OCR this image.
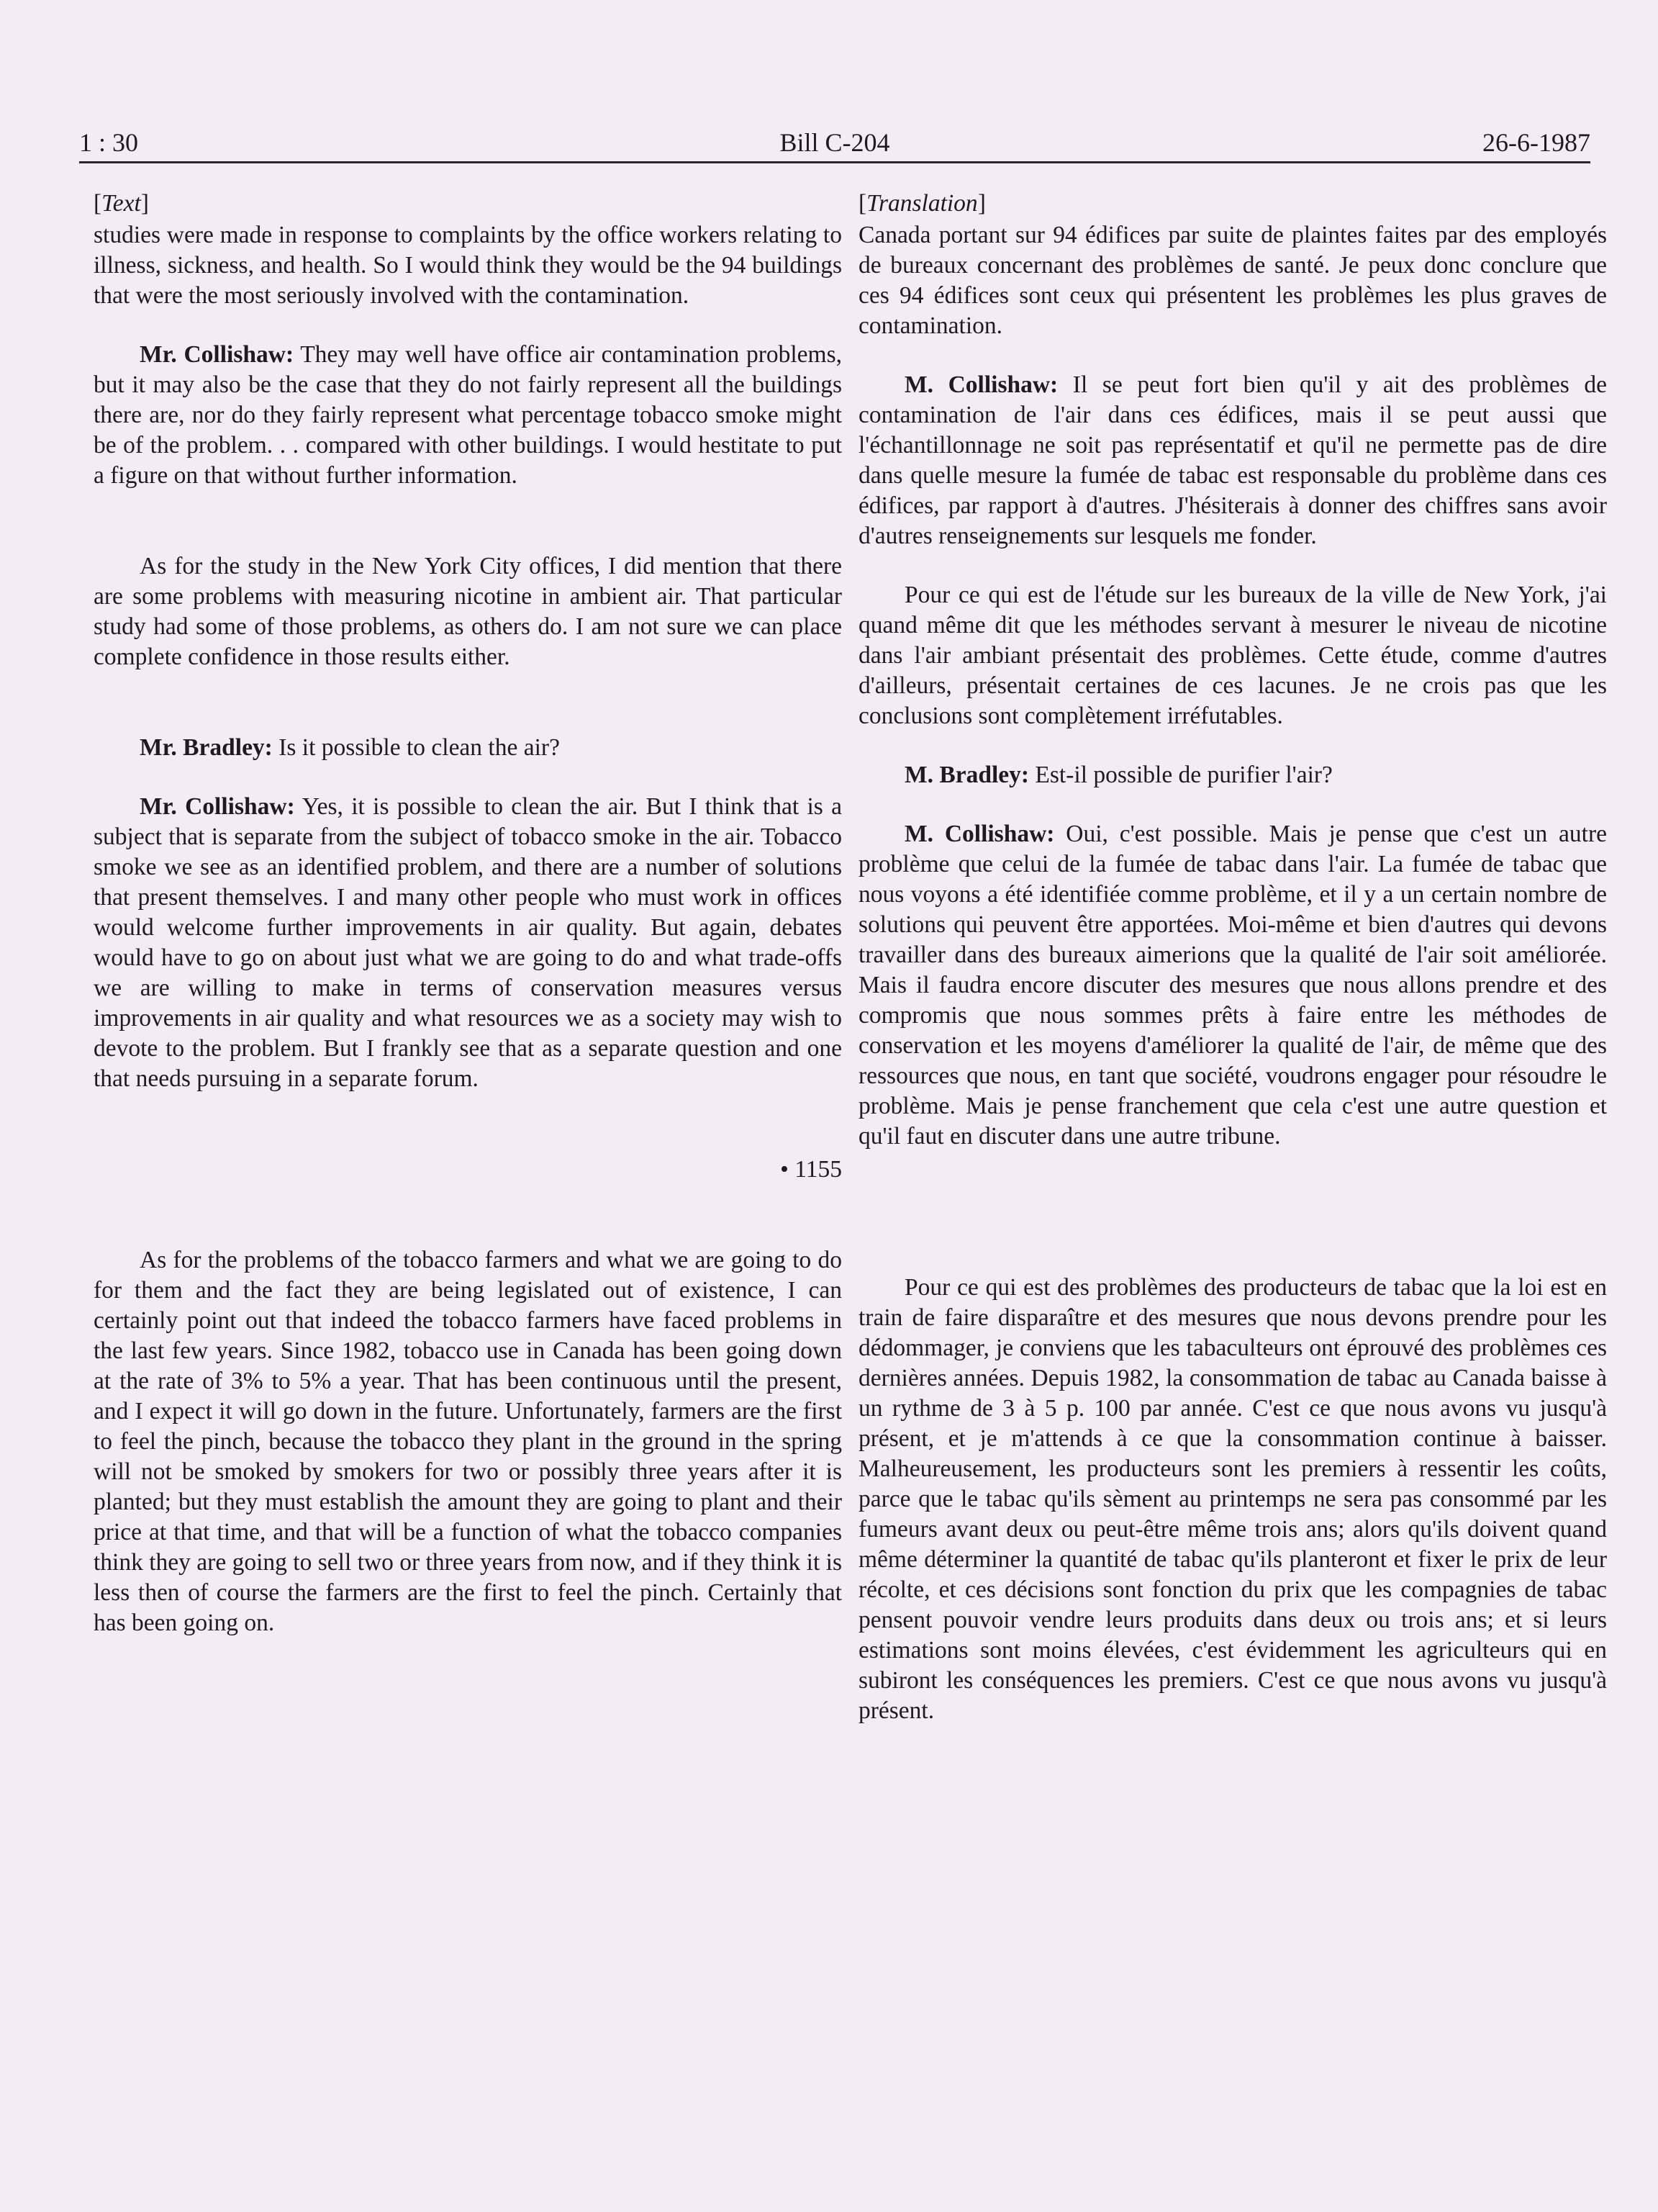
1 : 30	Bill C-204	26-6-1987

[Text]

studies were made in response to complaints by the office workers relating to illness, sickness, and health. So I would think they would be the 94 buildings that were the most seriously involved with the contamination.

Mr. Collishaw: They may well have office air contamination problems, but it may also be the case that they do not fairly represent all the buildings there are, nor do they fairly represent what percentage tobacco smoke might be of the problem. . . compared with other buildings. I would hestitate to put a figure on that without further information.

As for the study in the New York City offices, I did mention that there are some problems with measuring nicotine in ambient air. That particular study had some of those problems, as others do. I am not sure we can place complete confidence in those results either.

Mr. Bradley: Is it possible to clean the air?

Mr. Collishaw: Yes, it is possible to clean the air. But I think that is a subject that is separate from the subject of tobacco smoke in the air. Tobacco smoke we see as an identified problem, and there are a number of solutions that present themselves. I and many other people who must work in offices would welcome further improvements in air quality. But again, debates would have to go on about just what we are going to do and what trade-offs we are willing to make in terms of conservation measures versus improvements in air quality and what resources we as a society may wish to devote to the problem. But I frankly see that as a separate question and one that needs pursuing in a separate forum.

• 1155

As for the problems of the tobacco farmers and what we are going to do for them and the fact they are being legislated out of existence, I can certainly point out that indeed the tobacco farmers have faced problems in the last few years. Since 1982, tobacco use in Canada has been going down at the rate of 3% to 5% a year. That has been continuous until the present, and I expect it will go down in the future. Unfortunately, farmers are the first to feel the pinch, because the tobacco they plant in the ground in the spring will not be smoked by smokers for two or possibly three years after it is planted; but they must establish the amount they are going to plant and their price at that time, and that will be a function of what the tobacco companies think they are going to sell two or three years from now, and if they think it is less then of course the farmers are the first to feel the pinch. Certainly that has been going on.

[Translation]

Canada portant sur 94 édifices par suite de plaintes faites par des employés de bureaux concernant des problèmes de santé. Je peux donc conclure que ces 94 édifices sont ceux qui présentent les problèmes les plus graves de contamination.

M. Collishaw: Il se peut fort bien qu'il y ait des problèmes de contamination de l'air dans ces édifices, mais il se peut aussi que l'échantillonnage ne soit pas représentatif et qu'il ne permette pas de dire dans quelle mesure la fumée de tabac est responsable du problème dans ces édifices, par rapport à d'autres. J'hésiterais à donner des chiffres sans avoir d'autres renseignements sur lesquels me fonder.

Pour ce qui est de l'étude sur les bureaux de la ville de New York, j'ai quand même dit que les méthodes servant à mesurer le niveau de nicotine dans l'air ambiant présentait des problèmes. Cette étude, comme d'autres d'ailleurs, présentait certaines de ces lacunes. Je ne crois pas que les conclusions sont complètement irréfutables.

M. Bradley: Est-il possible de purifier l'air?

M. Collishaw: Oui, c'est possible. Mais je pense que c'est un autre problème que celui de la fumée de tabac dans l'air. La fumée de tabac que nous voyons a été identifiée comme problème, et il y a un certain nombre de solutions qui peuvent être apportées. Moi-même et bien d'autres qui devons travailler dans des bureaux aimerions que la qualité de l'air soit améliorée. Mais il faudra encore discuter des mesures que nous allons prendre et des compromis que nous sommes prêts à faire entre les méthodes de conservation et les moyens d'améliorer la qualité de l'air, de même que des ressources que nous, en tant que société, voudrons engager pour résoudre le problème. Mais je pense franchement que cela c'est une autre question et qu'il faut en discuter dans une autre tribune.

Pour ce qui est des problèmes des producteurs de tabac que la loi est en train de faire disparaître et des mesures que nous devons prendre pour les dédommager, je conviens que les tabaculteurs ont éprouvé des problèmes ces dernières années. Depuis 1982, la consommation de tabac au Canada baisse à un rythme de 3 à 5 p. 100 par année. C'est ce que nous avons vu jusqu'à présent, et je m'attends à ce que la consommation continue à baisser. Malheureusement, les producteurs sont les premiers à ressentir les coûts, parce que le tabac qu'ils sèment au printemps ne sera pas consommé par les fumeurs avant deux ou peut-être même trois ans; alors qu'ils doivent quand même déterminer la quantité de tabac qu'ils planteront et fixer le prix de leur récolte, et ces décisions sont fonction du prix que les compagnies de tabac pensent pouvoir vendre leurs produits dans deux ou trois ans; et si leurs estimations sont moins élevées, c'est évidemment les agriculteurs qui en subiront les conséquences les premiers. C'est ce que nous avons vu jusqu'à présent.
